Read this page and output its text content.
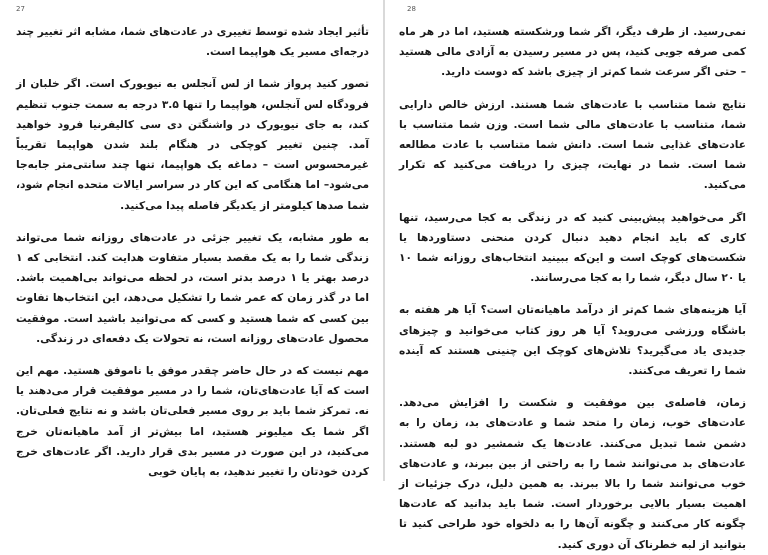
27

تأثیر ایجاد شده توسط تغییری در عادت‌های شما، مشابه اثر تغییر چند درجه‌ای مسیر یک هواپیما است.

تصور کنید پرواز شما از لس آنجلس به نیویورک است. اگر خلبان از فرودگاه لس آنجلس، هواپیما را تنها ۳.۵ درجه به سمت جنوب تنظیم کند، به جای نیویورک در واشنگتن دی سی کالیفرنیا فرود خواهید آمد. چنین تغییر کوچکی در هنگام بلند شدن هواپیما تقریباً غیرمحسوس است – دماغه یک هواپیما، تنها چند سانتی‌متر جابه‌جا می‌شود– اما هنگامی که این کار در سراسر ایالات متحده انجام شود، شما صدها کیلومتر از یکدیگر فاصله پیدا می‌کنید.

به طور مشابه، یک تغییر جزئی در عادت‌های روزانه شما می‌تواند زندگی شما را به یک مقصد بسیار متفاوت هدایت کند. انتخابی که ۱ درصد بهتر یا ۱ درصد بدتر است، در لحظه می‌تواند بی‌اهمیت باشد. اما در گذر زمان که عمر شما را تشکیل می‌دهد، این انتخاب‌ها تفاوت بین کسی که شما هستید و کسی که می‌توانید باشید است. موفقیت محصول عادت‌های روزانه است، نه تحولات یک دفعه‌ای در زندگی.

مهم نیست که در حال حاضر چقدر موفق یا ناموفق هستید. مهم این است که آیا عادت‌های‌تان، شما را در مسیر موفقیت قرار می‌دهند یا نه. تمرکز شما باید بر روی مسیر فعلی‌تان باشد و نه نتایج فعلی‌تان. اگر شما یک میلیونر هستید، اما بیش‌تر از آمد ماهیانه‌تان خرج می‌کنید، در این صورت در مسیر بدی قرار دارید. اگر عادت‌های خرج کردن خودتان را تغییر ندهید، به پایان خوبی

28

نمی‌رسید. از طرف دیگر، اگر شما ورشکسته هستید، اما در هر ماه کمی صرفه جویی کنید، پس در مسیر رسیدن به آزادی مالی هستید – حتی اگر سرعت شما کم‌تر از چیزی باشد که دوست دارید.

نتایج شما متناسب با عادت‌های شما هستند. ارزش خالص دارایی شما، متناسب با عادت‌های مالی شما است. وزن شما متناسب با عادت‌های غذایی شما است. دانش شما متناسب با عادت مطالعه شما است. شما در نهایت، چیزی را دریافت می‌کنید که تکرار می‌کنید.

اگر می‌خواهید پیش‌بینی کنید که در زندگی به کجا می‌رسید، تنها کاری که باید انجام دهید دنبال کردن منحنی دستاوردها یا شکست‌های کوچک است و این‌که ببینید انتخاب‌های روزانه شما ۱۰ یا ۲۰ سال دیگر، شما را به کجا می‌رسانند.

آیا هزینه‌های شما کم‌تر از درآمد ماهیانه‌تان است؟ آیا هر هفته به باشگاه ورزشی می‌روید؟ آیا هر روز کتاب می‌خوانید و چیزهای جدیدی یاد می‌گیرید؟ تلاش‌های کوچک این چنینی هستند که آینده شما را تعریف می‌کنند.

زمان، فاصله‌ی بین موفقیت و شکست را افزایش می‌دهد. عادت‌های خوب، زمان را متحد شما و عادت‌های بد، زمان را به دشمن شما تبدیل می‌کنند. عادت‌ها یک شمشیر دو لبه هستند. عادت‌های بد می‌توانند شما را به راحتی از بین ببرند، و عادت‌های خوب می‌توانند شما را بالا ببرند. به همین دلیل، درک جزئیات از اهمیت بسیار بالایی برخوردار است. شما باید بدانید که عادت‌ها چگونه کار می‌کنند و چگونه آن‌ها را به دلخواه خود طراحی کنید تا بتوانید از لبه خطرناک آن دوری کنید.
